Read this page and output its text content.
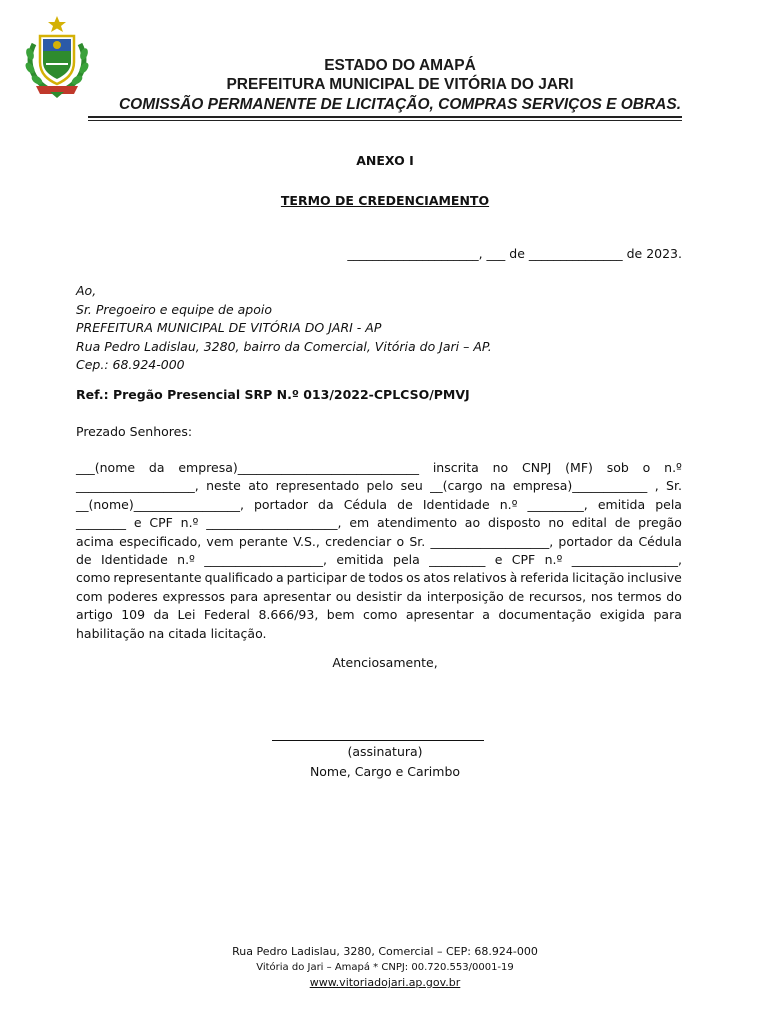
ESTADO DO AMAPÁ
PREFEITURA MUNICIPAL DE VITÓRIA DO JARI
COMISSÃO PERMANENTE DE LICITAÇÃO, COMPRAS SERVIÇOS E OBRAS.
ANEXO I
TERMO DE CREDENCIAMENTO
_____________________, ___ de _______________ de 2023.
Ao,
Sr. Pregoeiro e equipe de apoio
PREFEITURA MUNICIPAL DE VITÓRIA DO JARI - AP
Rua Pedro Ladislau, 3280, bairro da Comercial, Vitória do Jari – AP.
Cep.: 68.924-000
Ref.: Pregão Presencial SRP N.º 013/2022-CPLCSO/PMVJ
Prezado Senhores:
___(nome da empresa)_____________________________ inscrita no CNPJ (MF) sob o n.º
___________________, neste ato representado pelo seu __(cargo na empresa)____________ , Sr.
__(nome)_________________, portador da Cédula de Identidade n.º _________, emitida pela
________ e CPF n.º _____________________, em atendimento ao disposto no edital de pregão
acima especificado, vem perante V.S., credenciar o Sr. ___________________, portador da Cédula
de Identidade n.º ___________________, emitida pela _________ e CPF n.º _________________,
como representante qualificado a participar de todos os atos relativos à referida licitação inclusive
com poderes expressos para apresentar ou desistir da interposição de recursos, nos termos do
artigo 109 da Lei Federal 8.666/93, bem como apresentar a documentação exigida para
habilitação na citada licitação.
Atenciosamente,
(assinatura)
Nome, Cargo e Carimbo
Rua Pedro Ladislau, 3280, Comercial – CEP: 68.924-000
Vitória do Jari – Amapá * CNPJ: 00.720.553/0001-19
www.vitoriadojari.ap.gov.br
